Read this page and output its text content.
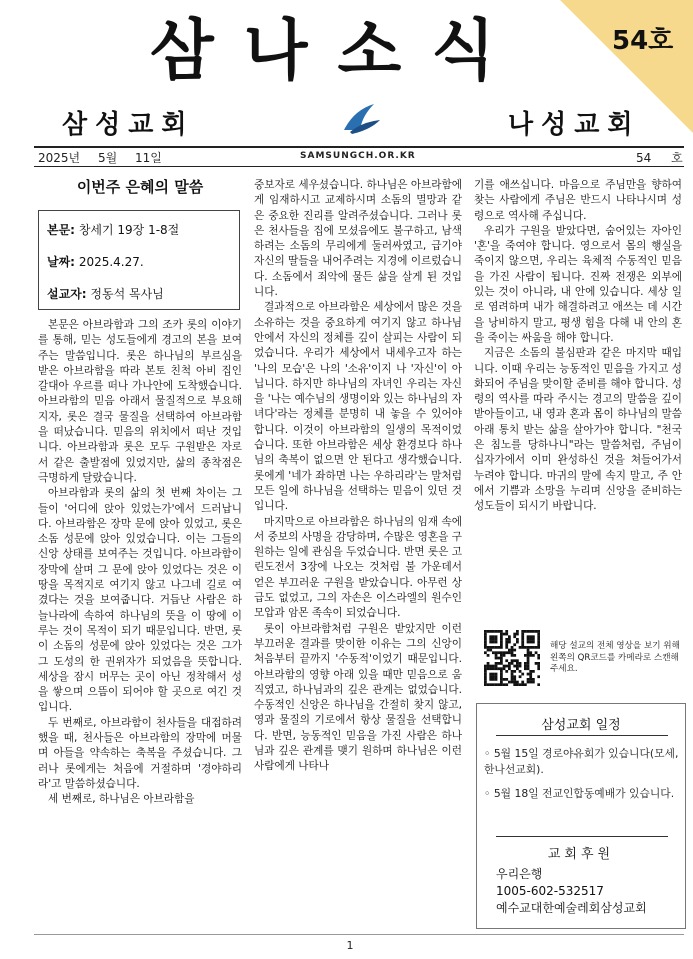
삼나소식	54호
삼성교회	나성교회
2025년 5월 11일	SAMSUNGCH.OR.KR	54 호
이번주 은혜의 말씀
본문: 창세기 19장 1-8절
날짜: 2025.4.27.
설교자: 정동석 목사님

본문은 아브라함과 그의 조카 롯의 이야기를 통해, 믿는 성도들에게 경고의 본을 보여주는 말씀입니다. 롯은 하나님의 부르심을 받은 아브라함을 따라 본토 친척 아비 집인 갈대아 우르를 떠나 가나안에 도착했습니다. 아브라함의 믿음 아래서 물질적으로 부요해지자, 롯은 결국 물질을 선택하여 아브라함을 떠났습니다. 믿음의 위치에서 떠난 것입니다. 아브라함과 롯은 모두 구원받은 자로서 같은 출발점에 있었지만, 삶의 종착점은 극명하게 달랐습니다.

아브라함과 롯의 삶의 첫 번째 차이는 그들이 '어디에 앉아 있었는가'에서 드러납니다. 아브라함은 장막 문에 앉아 있었고, 롯은 소돔 성문에 앉아 있었습니다. 이는 그들의 신앙 상태를 보여주는 것입니다. 아브라함이 장막에 살며 그 문에 앉아 있었다는 것은 이 땅을 목적지로 여기지 않고 나그네 길로 여겼다는 것을 보여줍니다. 거듭난 사람은 하늘나라에 속하여 하나님의 뜻을 이 땅에 이루는 것이 목적이 되기 때문입니다. 반면, 롯이 소돔의 성문에 앉아 있었다는 것은 그가 그 도성의 한 권위자가 되었음을 뜻합니다. 세상을 잠시 머무는 곳이 아닌 정착해서 성을 쌓으며 으뜸이 되어야 할 곳으로 여긴 것입니다.

두 번째로, 아브라함이 천사들을 대접하려 했을 때, 천사들은 아브라함의 장막에 머물며 아들을 약속하는 축복을 주셨습니다. 그러나 롯에게는 처음에 거절하며 '경야하리라'고 말씀하셨습니다.

세 번째로, 하나님은 아브라함을

중보자로 세우셨습니다. 하나님은 아브라함에게 임재하시고 교제하시며 소돔의 멸망과 같은 중요한 진리를 알려주셨습니다. 그러나 롯은 천사들을 집에 모셨음에도 불구하고, 남색 하려는 소돔의 무리에게 둘러싸였고, 급기야 자신의 딸들을 내어주려는 지경에 이르렀습니다. 소돔에서 죄악에 물든 삶을 살게 된 것입니다.

결과적으로 아브라함은 세상에서 많은 것을 소유하는 것을 중요하게 여기지 않고 하나님 안에서 자신의 정체를 깊이 살피는 사람이 되었습니다. 우리가 세상에서 내세우고자 하는 '나의 모습'은 나의 '소유'이지 나 '자신'이 아닙니다. 하지만 하나님의 자녀인 우리는 자신을 '나는 예수님의 생명이와 있는 하나님의 자녀다'라는 정체를 분명히 내 놓을 수 있어야 합니다. 이것이 아브라함의 일생의 목적이었습니다. 또한 아브라함은 세상 환경보다 하나님의 축복이 없으면 안 된다고 생각했습니다. 롯에게 '네가 좌하면 나는 우하리라'는 말처럼 모든 일에 하나님을 선택하는 믿음이 있던 것입니다.

마지막으로 아브라함은 하나님의 임재 속에서 중보의 사명을 감당하며, 수많은 영혼을 구원하는 일에 관심을 두었습니다. 반면 롯은 고린도전서 3장에 나오는 것처럼 불 가운데서 얻은 부끄러운 구원을 받았습니다. 아무런 상급도 없었고, 그의 자손은 이스라엘의 원수인 모압과 암몬 족속이 되었습니다.

롯이 아브라함처럼 구원은 받았지만 이런 부끄러운 결과를 맞이한 이유는 그의 신앙이 처음부터 끝까지 '수동적'이었기 때문입니다. 아브라함의 영향 아래 있을 때만 믿음으로 움직였고, 하나님과의 깊은 관계는 없었습니다. 수동적인 신앙은 하나님을 간절히 찾지 않고, 영과 물질의 기로에서 항상 물질을 선택합니다. 반면, 능동적인 믿음을 가진 사람은 하나님과 깊은 관계를 맺기 원하며 하나님은 이런 사람에게 나타나

기를 애쓰십니다. 마음으로 주님만을 향하여 찾는 사람에게 주님은 반드시 나타나시며 성령으로 역사해 주십니다.

우리가 구원을 받았다면, 숨어있는 자아인 '혼'을 죽여야 합니다. 영으로서 몸의 행실을 죽이지 않으면, 우리는 육체적 수동적인 믿음을 가진 사람이 됩니다. 진짜 전쟁은 외부에 있는 것이 아니라, 내 안에 있습니다. 세상 일로 염려하며 내가 해결하려고 애쓰는 데 시간을 낭비하지 말고, 평생 힘을 다해 내 안의 혼을 죽이는 싸움을 해야 합니다.

지금은 소돔의 불심판과 같은 마지막 때입니다. 이때 우리는 능동적인 믿음을 가지고 성화되어 주님을 맞이할 준비를 해야 합니다. 성령의 역사를 따라 주시는 경고의 말씀을 깊이 받아들이고, 내 영과 혼과 몸이 하나님의 말씀 아래 통치 받는 삶을 살아가야 합니다. "천국은 침노를 당하나니"라는 말씀처럼, 주님이 십자가에서 이미 완성하신 것을 쳐들어가서 누려야 합니다. 마귀의 말에 속지 말고, 주 안에서 기쁨과 소망을 누리며 신앙을 준비하는 성도들이 되시기 바랍니다.

해당 설교의 전체 영상을 보기 위해 왼쪽의 QR코드를 카메라로 스캔해 주세요.
삼성교회 일정
◦ 5월 15일 경로야유회가 있습니다(모세, 한나선교회).
◦ 5월 18일 전교인합동예배가 있습니다.
교회후원
우리은행
1005-602-532517
예수교대한예술레회삼성교회
1
